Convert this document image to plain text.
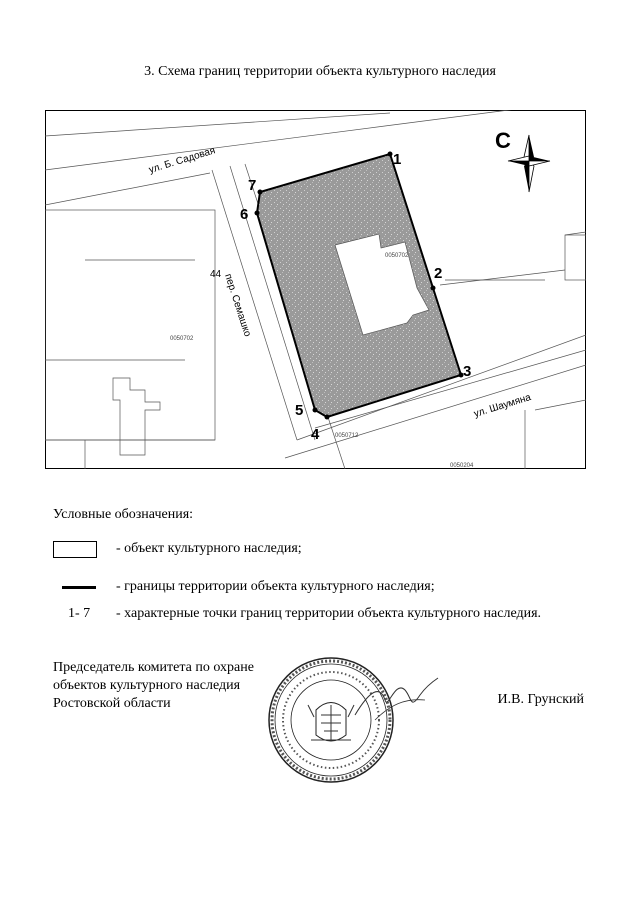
3. Схема границ территории объекта культурного наследия
1
2
3
4
5
6
7
ул. Б. Садовая
пер. Семашко
ул. Шаумяна
44
0050702
0050702
0050712
0050204
С
Условные обозначения:
- объект культурного наследия;
- границы территории объекта культурного наследия;
1- 7 - характерные точки границ территории объекта культурного наследия.
Председатель комитета по охране
объектов культурного наследия
Ростовской области	И.В. Грунский
